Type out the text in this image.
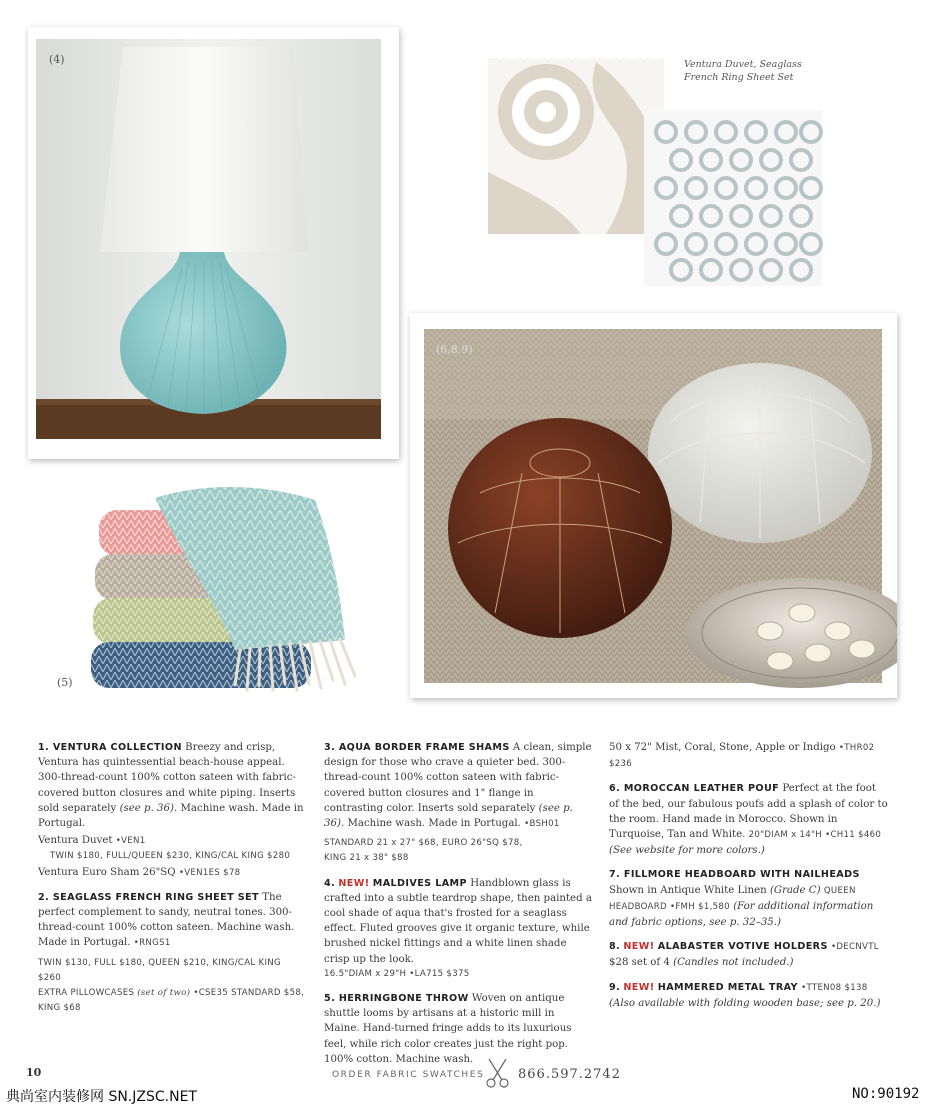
(4)	Ventura Duvet, Seaglass
French Ring Sheet Set
(5)
(6,8,9)

1. VENTURA COLLECTION Breezy and crisp, Ventura has quintessential beach-house appeal. 300-thread-count 100% cotton sateen with fabric-covered button closures and white piping. Inserts sold separately (see p. 36). Machine wash. Made in Portugal.
Ventura Duvet •VEN1
TWIN $180, FULL/QUEEN $230, KING/CAL KING $280
Ventura Euro Sham 26"SQ •VEN1ES $78

2. SEAGLASS FRENCH RING SHEET SET The perfect complement to sandy, neutral tones. 300-thread-count 100% cotton sateen. Machine wash. Made in Portugal. •RNGS1
TWIN $130, FULL $180, QUEEN $210, KING/CAL KING $260
EXTRA PILLOWCASES (set of two) •CSE35 STANDARD $58,
KING $68

3. AQUA BORDER FRAME SHAMS A clean, simple design for those who crave a quieter bed. 300-thread-count 100% cotton sateen with fabric-covered button closures and 1" flange in contrasting color. Inserts sold separately (see p. 36). Machine wash. Made in Portugal. •BSH01
STANDARD 21 x 27" $68, EURO 26"SQ $78,
KING 21 x 38" $88

4. NEW! MALDIVES LAMP Handblown glass is crafted into a subtle teardrop shape, then painted a cool shade of aqua that's frosted for a seaglass effect. Fluted grooves give it organic texture, while brushed nickel fittings and a white linen shade crisp up the look.
16.5"DIAM x 29"H •LA715 $375

5. HERRINGBONE THROW Woven on antique shuttle looms by artisans at a historic mill in Maine. Hand-turned fringe adds to its luxurious feel, while rich color creates just the right pop. 100% cotton. Machine wash.

50 x 72" Mist, Coral, Stone, Apple or Indigo •THR02 $236

6. MOROCCAN LEATHER POUF Perfect at the foot of the bed, our fabulous poufs add a splash of color to the room. Hand made in Morocco. Shown in Turquoise, Tan and White. 20"DIAM x 14"H •CH11 $460 (See website for more colors.)

7. FILLMORE HEADBOARD WITH NAILHEADS Shown in Antique White Linen (Grade C) QUEEN HEADBOARD •FMH $1,580 (For additional information and fabric options, see p. 32–35.)

8. NEW! ALABASTER VOTIVE HOLDERS •DECNVTL
$28 set of 4 (Candles not included.)

9. NEW! HAMMERED METAL TRAY •TTEN08 $138
(Also available with folding wooden base; see p. 20.)

10	ORDER FABRIC SWATCHES	866.597.2742
典尚室内装修网 SN.JZSC.NET	NO:90192
